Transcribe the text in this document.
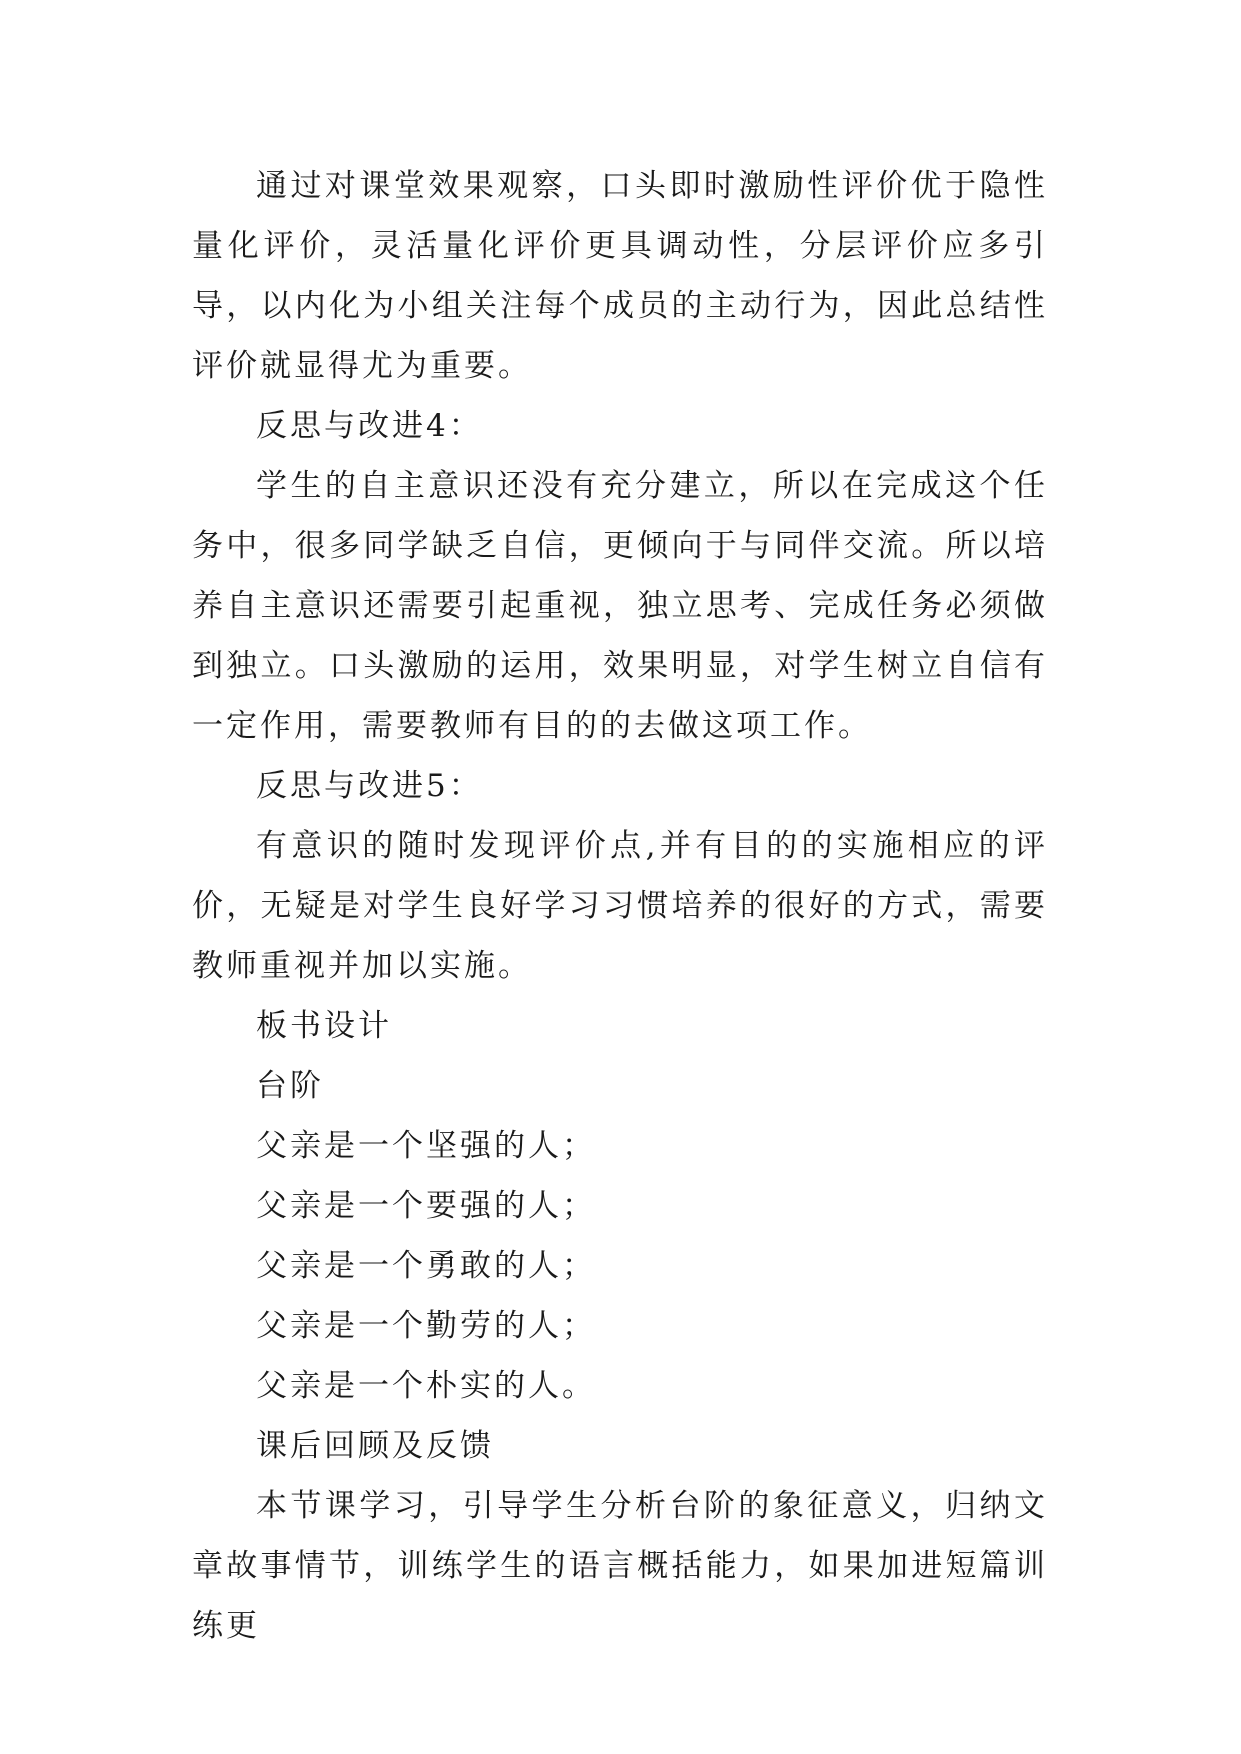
通过对课堂效果观察，口头即时激励性评价优于隐性量化评价，灵活量化评价更具调动性，分层评价应多引导，以内化为小组关注每个成员的主动行为，因此总结性评价就显得尤为重要。

反思与改进4：

学生的自主意识还没有充分建立，所以在完成这个任务中，很多同学缺乏自信，更倾向于与同伴交流。所以培养自主意识还需要引起重视，独立思考、完成任务必须做到独立。口头激励的运用，效果明显，对学生树立自信有一定作用，需要教师有目的的去做这项工作。

反思与改进5：

有意识的随时发现评价点,并有目的的实施相应的评价，无疑是对学生良好学习习惯培养的很好的方式，需要教师重视并加以实施。

板书设计

台阶

父亲是一个坚强的人；

父亲是一个要强的人；

父亲是一个勇敢的人；

父亲是一个勤劳的人；

父亲是一个朴实的人。

课后回顾及反馈

本节课学习，引导学生分析台阶的象征意义，归纳文章故事情节，训练学生的语言概括能力，如果加进短篇训练更
